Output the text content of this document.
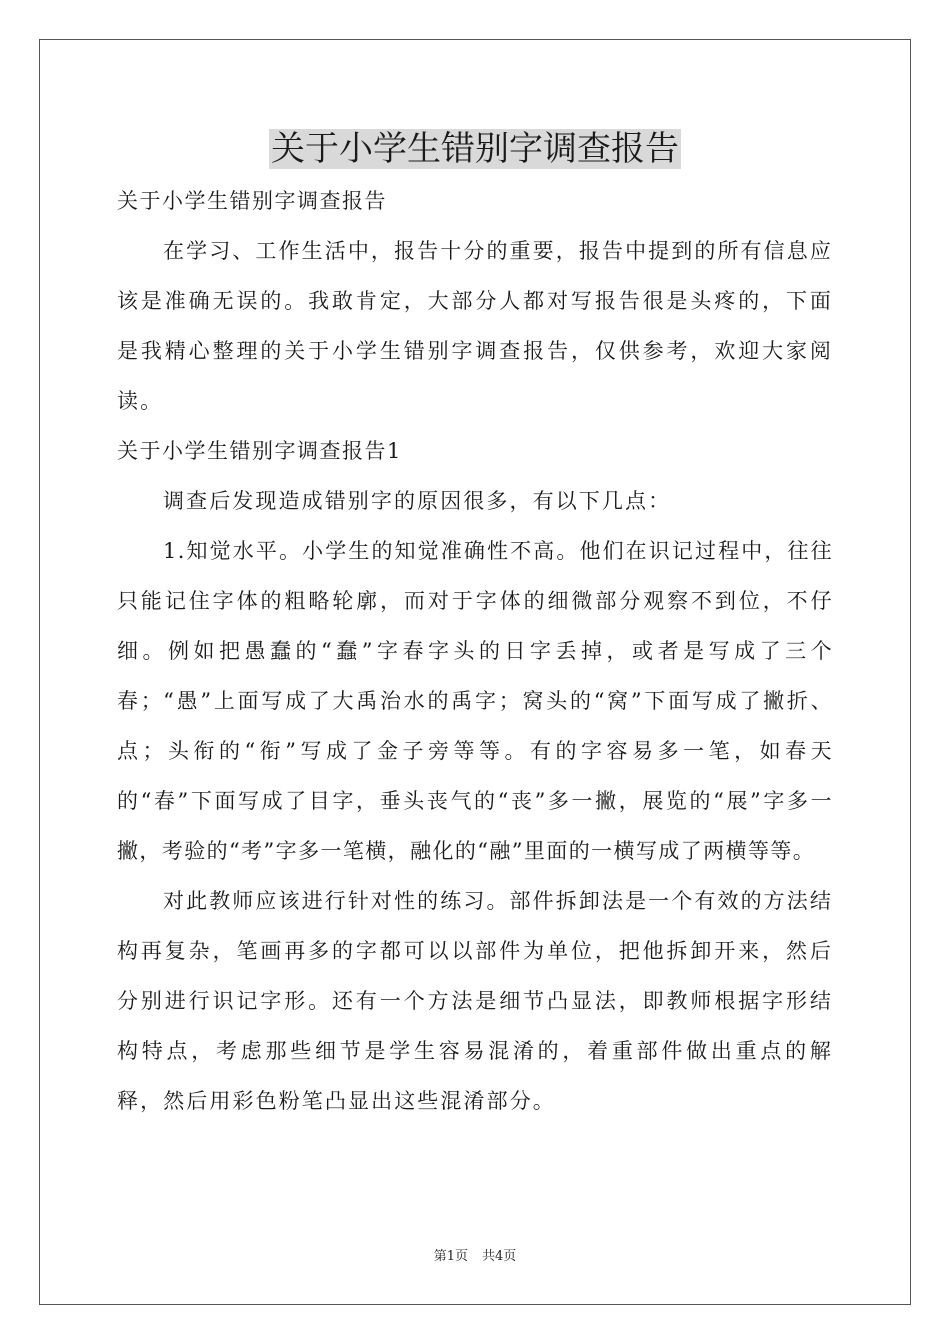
关于小学生错别字调查报告

关于小学生错别字调查报告

在学习、工作生活中，报告十分的重要，报告中提到的所有信息应该是准确无误的。我敢肯定，大部分人都对写报告很是头疼的，下面是我精心整理的关于小学生错别字调查报告，仅供参考，欢迎大家阅读。

关于小学生错别字调查报告1

调查后发现造成错别字的原因很多，有以下几点：

1.知觉水平。小学生的知觉准确性不高。他们在识记过程中，往往只能记住字体的粗略轮廓，而对于字体的细微部分观察不到位，不仔细。例如把愚蠢的“蠢”字春字头的日字丢掉，或者是写成了三个春；“愚”上面写成了大禹治水的禹字；窝头的“窝”下面写成了撇折、点；头衔的“衔”写成了金子旁等等。有的字容易多一笔，如春天的“春”下面写成了目字，垂头丧气的“丧”多一撇，展览的“展”字多一撇，考验的“考”字多一笔横，融化的“融”里面的一横写成了两横等等。

对此教师应该进行针对性的练习。部件拆卸法是一个有效的方法结构再复杂，笔画再多的字都可以以部件为单位，把他拆卸开来，然后分别进行识记字形。还有一个方法是细节凸显法，即教师根据字形结构特点，考虑那些细节是学生容易混淆的，着重部件做出重点的解释，然后用彩色粉笔凸显出这些混淆部分。

第1页 共4页
